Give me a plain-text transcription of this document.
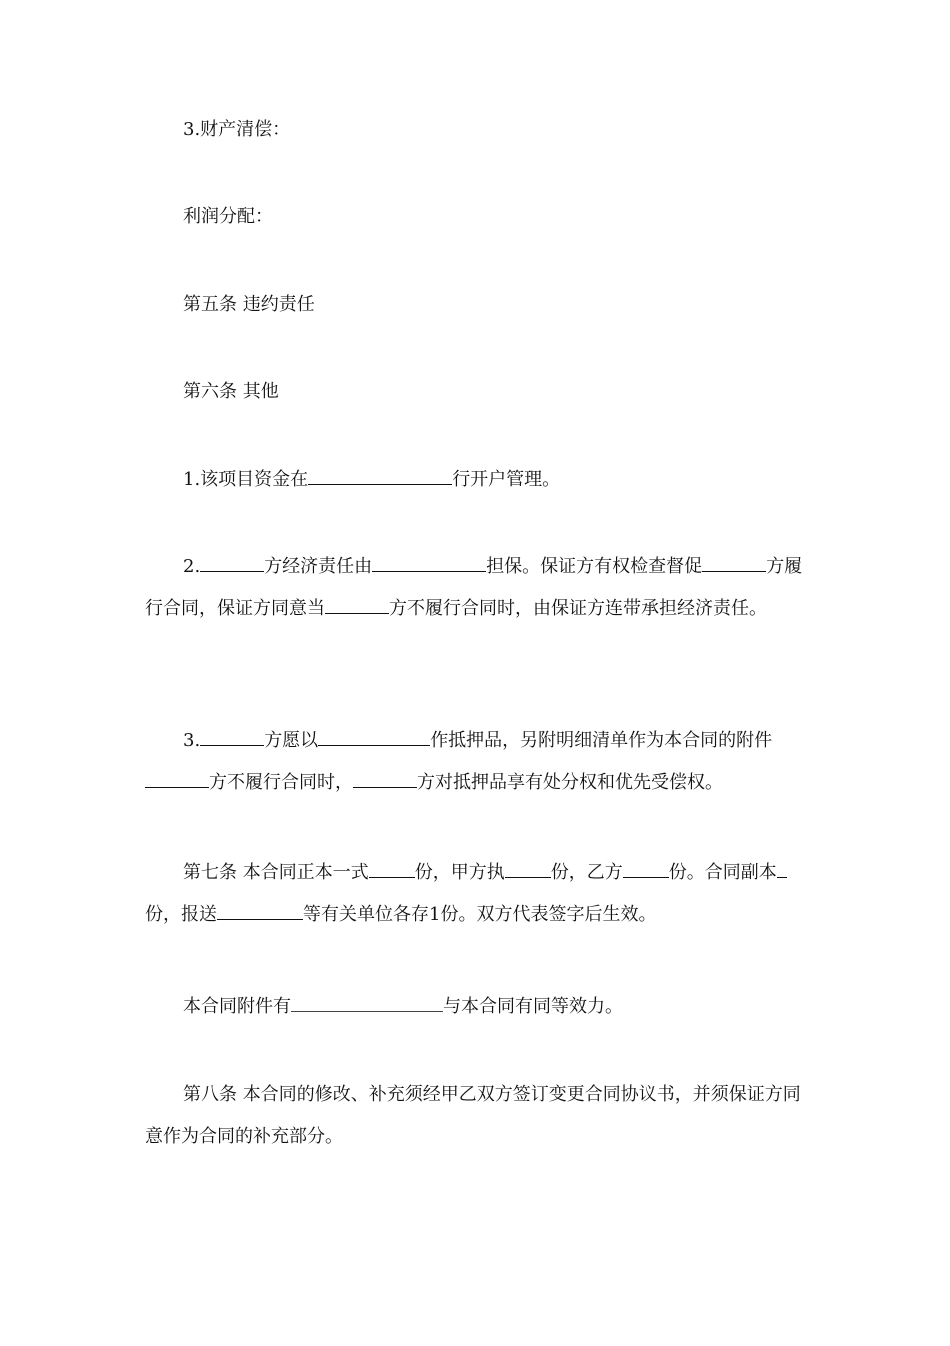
3.财产清偿：
利润分配：
第五条 违约责任
第六条 其他
1.该项目资金在	行开户管理。
2.	方经济责任由	担保。保证方有权检查督促	方履行合同，保证方同意当	方不履行合同时，由保证方连带承担经济责任。
3.	方愿以	作抵押品，另附明细清单作为本合同的附件方不履行合同时，	方对抵押品享有处分权和优先受偿权。
第七条 本合同正本一式	份，甲方执	份，乙方	份。合同副本份，报送	等有关单位各存1份。双方代表签字后生效。
本合同附件有	与本合同有同等效力。
第八条 本合同的修改、补充须经甲乙双方签订变更合同协议书，并须保证方同意作为合同的补充部分。
